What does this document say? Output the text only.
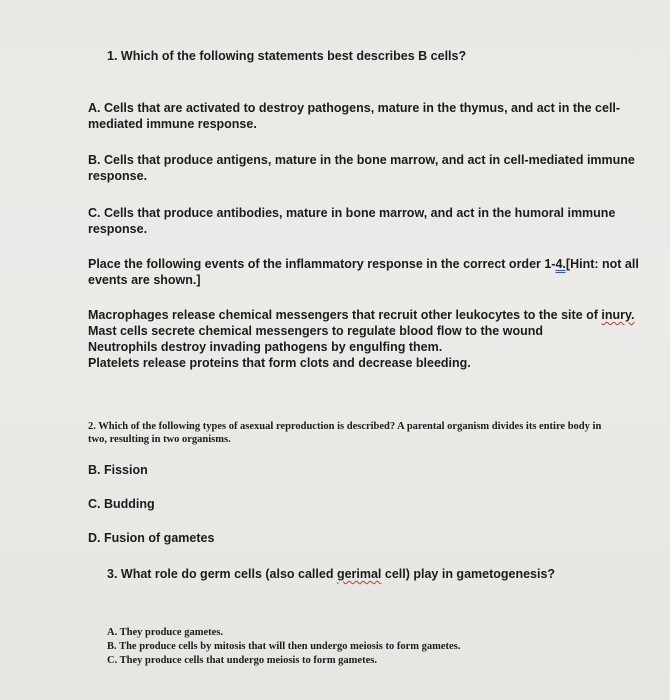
1. Which of the following statements best describes B cells?

A. Cells that are activated to destroy pathogens, mature in the thymus, and act in the cell-

mediated immune response.

B. Cells that produce antigens, mature in the bone marrow, and act in cell-mediated immune

response.

C. Cells that produce antibodies, mature in bone marrow, and act in the humoral immune

response.

Place the following events of the inflammatory response in the correct order 1-4.[Hint: not all

events are shown.]

Macrophages release chemical messengers that recruit other leukocytes to the site of inury.

Mast cells secrete chemical messengers to regulate blood flow to the wound

Neutrophils destroy invading pathogens by engulfing them.

Platelets release proteins that form clots and decrease bleeding.

2. Which of the following types of asexual reproduction is described? A parental organism divides its entire body in

two, resulting in two organisms.

B. Fission

C. Budding

D. Fusion of gametes

3. What role do germ cells (also called gerimal cell) play in gametogenesis?

A. They produce gametes.

B. The produce cells by mitosis that will then undergo meiosis to form gametes.

C. They produce cells that undergo meiosis to form gametes.
